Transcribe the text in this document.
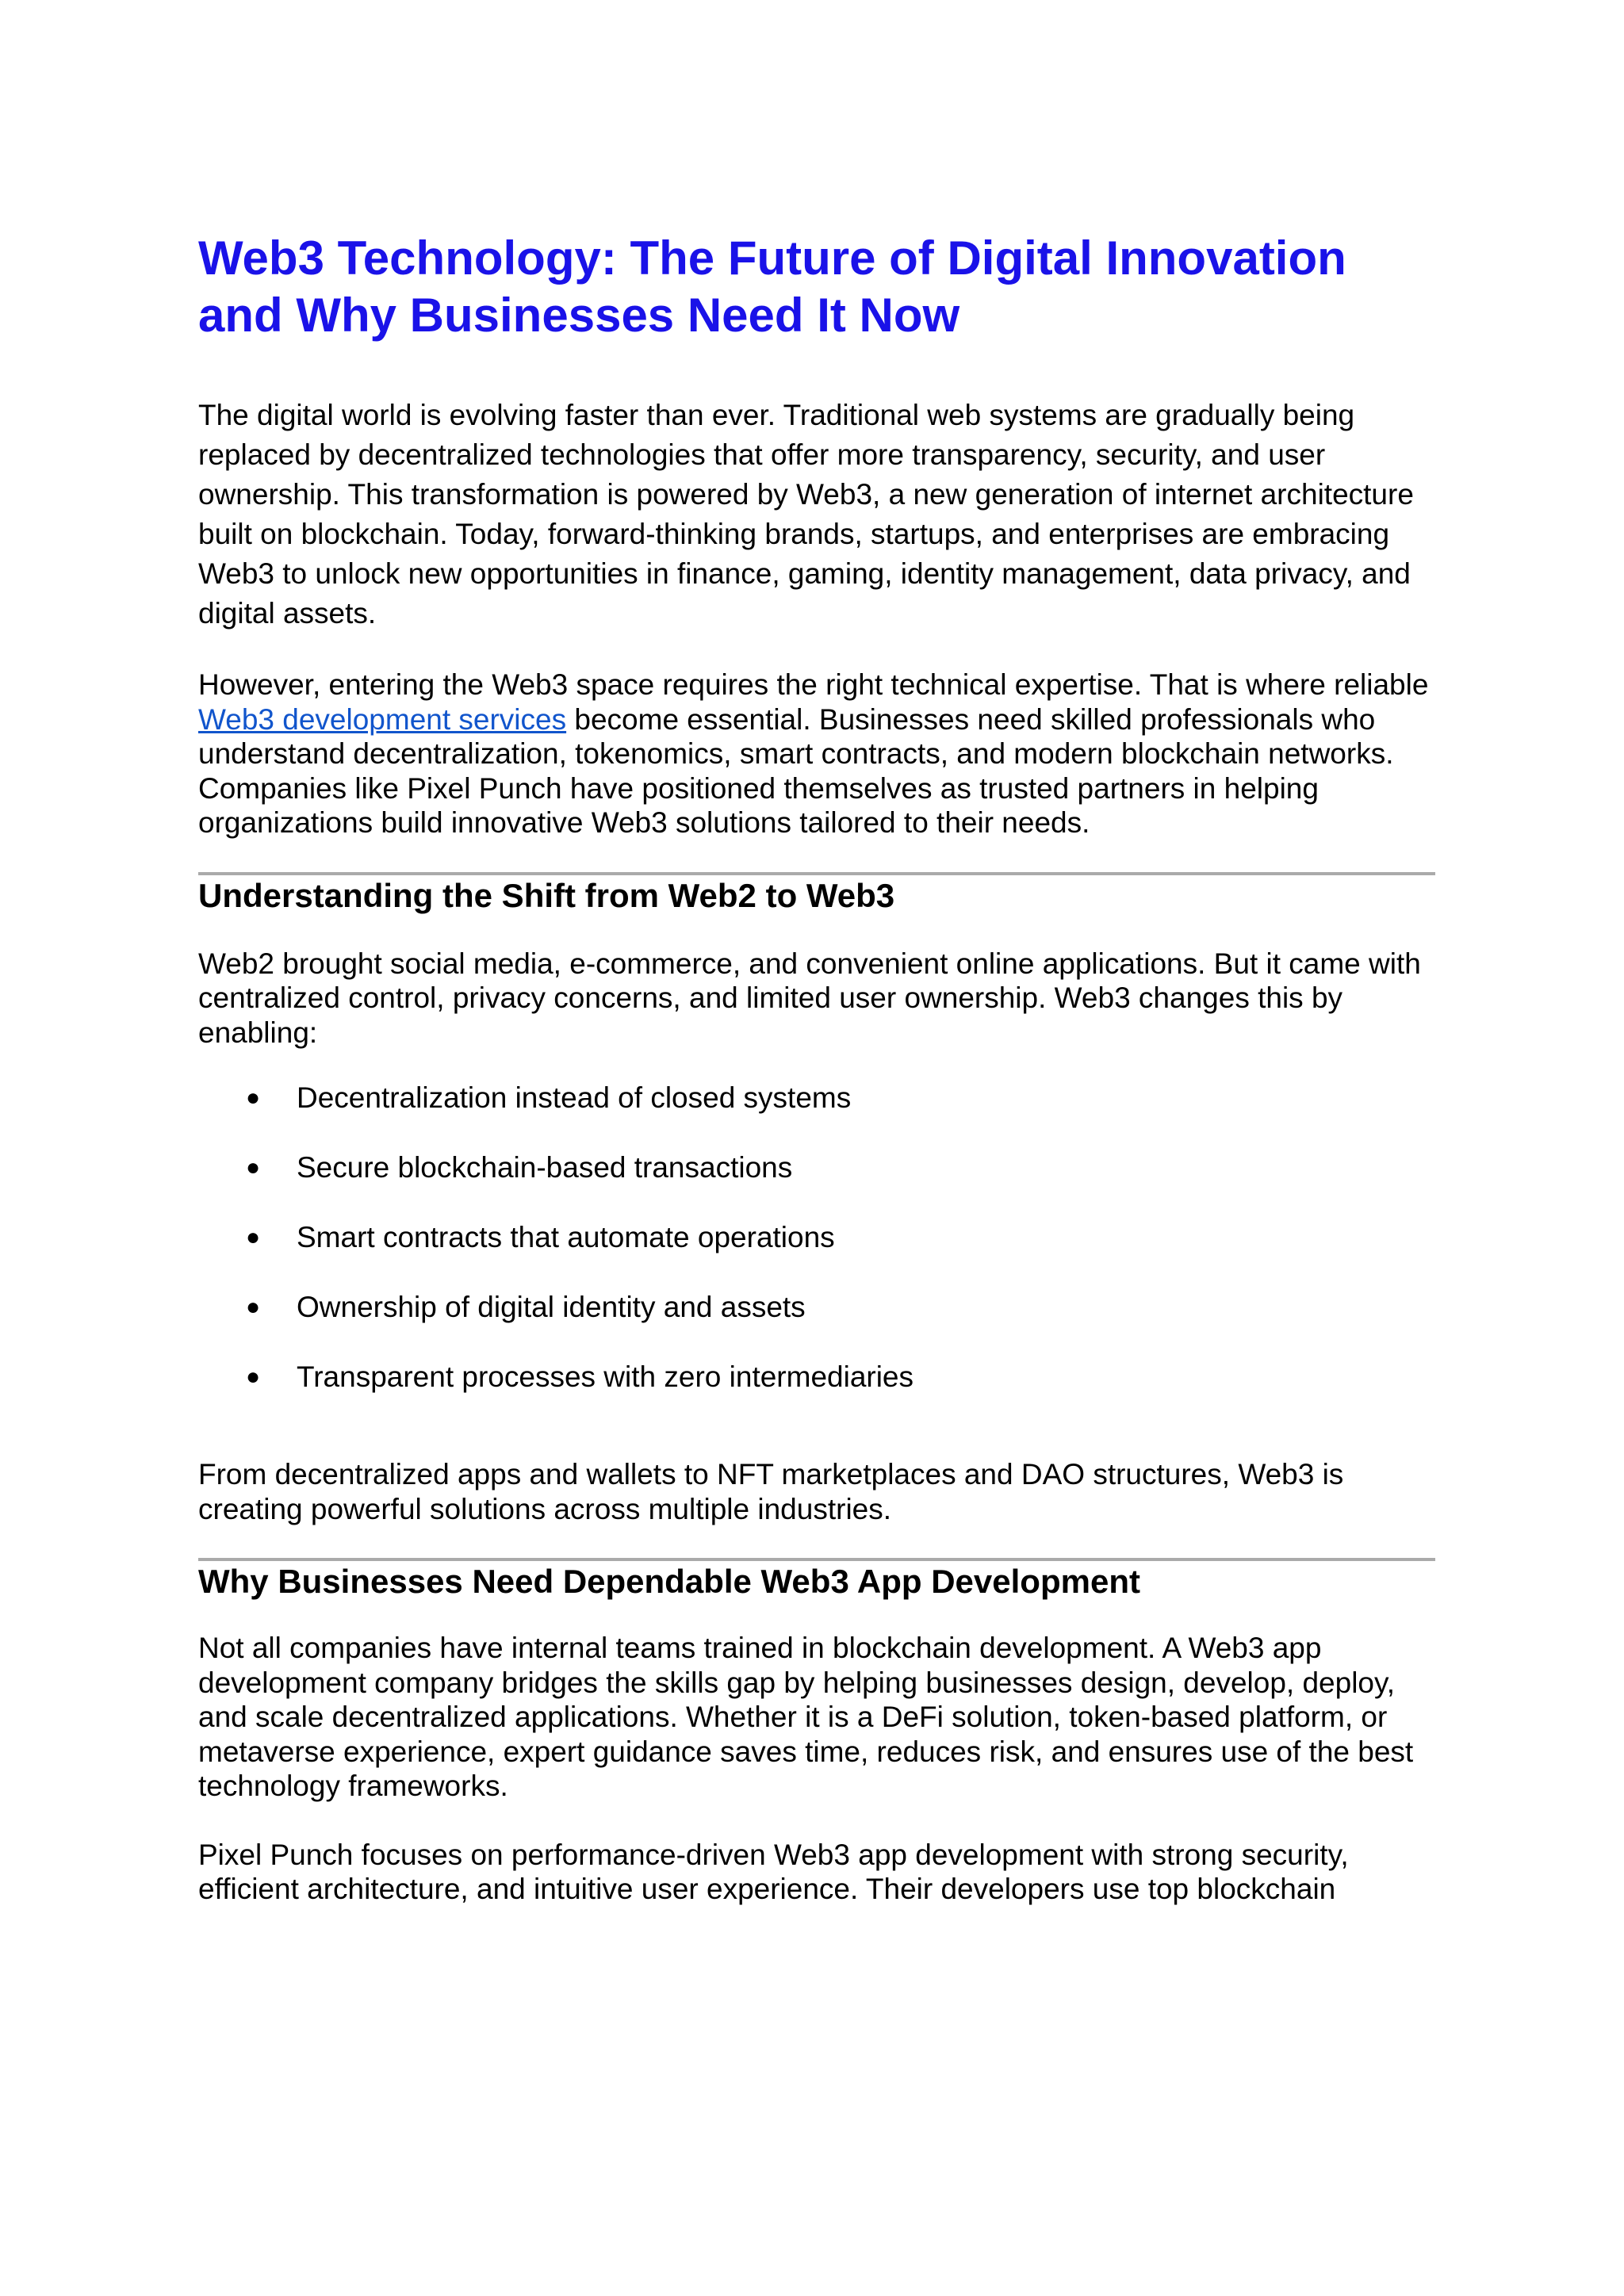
Web3 Technology: The Future of Digital Innovation and Why Businesses Need It Now

The digital world is evolving faster than ever. Traditional web systems are gradually being replaced by decentralized technologies that offer more transparency, security, and user ownership. This transformation is powered by Web3, a new generation of internet architecture built on blockchain. Today, forward-thinking brands, startups, and enterprises are embracing Web3 to unlock new opportunities in finance, gaming, identity management, data privacy, and digital assets.

However, entering the Web3 space requires the right technical expertise. That is where reliable Web3 development services become essential. Businesses need skilled professionals who understand decentralization, tokenomics, smart contracts, and modern blockchain networks. Companies like Pixel Punch have positioned themselves as trusted partners in helping organizations build innovative Web3 solutions tailored to their needs.

Understanding the Shift from Web2 to Web3

Web2 brought social media, e-commerce, and convenient online applications. But it came with centralized control, privacy concerns, and limited user ownership. Web3 changes this by enabling:

● Decentralization instead of closed systems
● Secure blockchain-based transactions
● Smart contracts that automate operations
● Ownership of digital identity and assets
● Transparent processes with zero intermediaries

From decentralized apps and wallets to NFT marketplaces and DAO structures, Web3 is creating powerful solutions across multiple industries.

Why Businesses Need Dependable Web3 App Development

Not all companies have internal teams trained in blockchain development. A Web3 app development company bridges the skills gap by helping businesses design, develop, deploy, and scale decentralized applications. Whether it is a DeFi solution, token-based platform, or metaverse experience, expert guidance saves time, reduces risk, and ensures use of the best technology frameworks.

Pixel Punch focuses on performance-driven Web3 app development with strong security, efficient architecture, and intuitive user experience. Their developers use top blockchain
